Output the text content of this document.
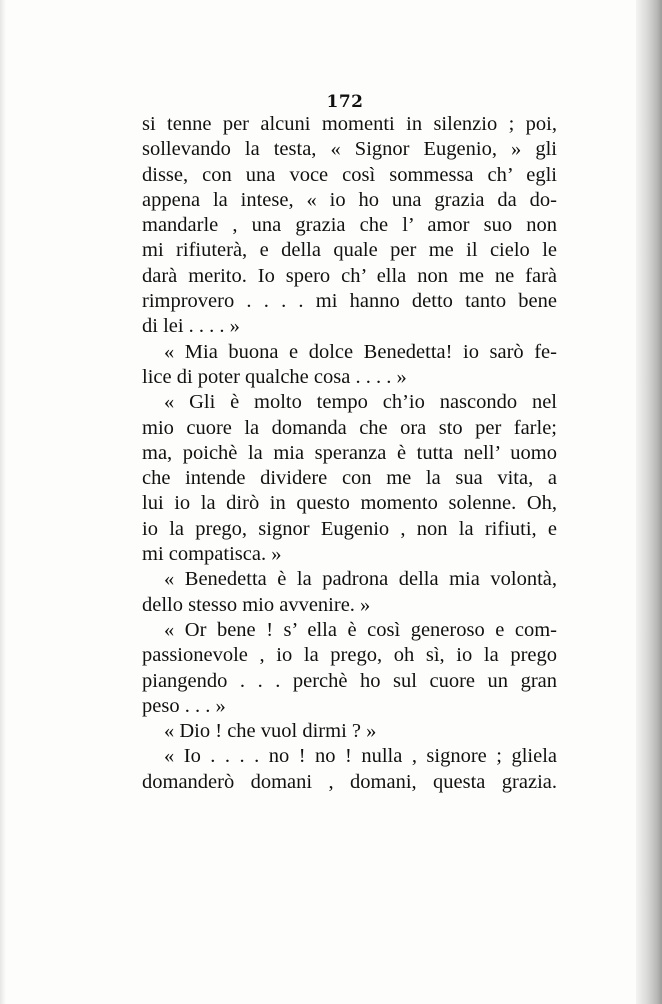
172
si tenne per alcuni momenti in silenzio ; poi,
sollevando la testa, « Signor Eugenio, » gli
disse, con una voce così sommessa ch’ egli
appena la intese, « io ho una grazia da do-
mandarle , una grazia che l’ amor suo non
mi rifiuterà, e della quale per me il cielo le
darà merito. Io spero ch’ ella non me ne farà
rimprovero . . . . mi hanno detto tanto bene
di lei . . . . »
« Mia buona e dolce Benedetta! io sarò fe-
lice di poter qualche cosa . . . . »
« Gli è molto tempo ch’io nascondo nel
mio cuore la domanda che ora sto per farle;
ma, poichè la mia speranza è tutta nell’ uomo
che intende dividere con me la sua vita, a
lui io la dirò in questo momento solenne. Oh,
io la prego, signor Eugenio , non la rifiuti, e
mi compatisca. »
« Benedetta è la padrona della mia volontà,
dello stesso mio avvenire. »
« Or bene ! s’ ella è così generoso e com-
passionevole , io la prego, oh sì, io la prego
piangendo . . . perchè ho sul cuore un gran
peso . . . »
« Dio ! che vuol dirmi ? »
« Io . . . . no ! no ! nulla , signore ; gliela
domanderò domani , domani, questa grazia.
